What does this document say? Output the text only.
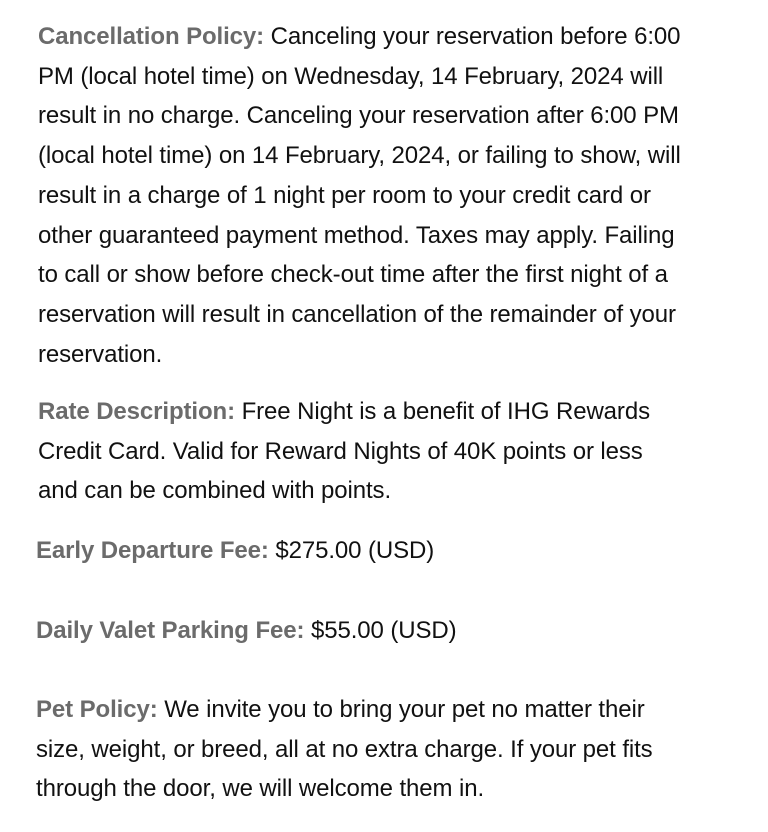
Cancellation Policy: Canceling your reservation before 6:00
PM (local hotel time) on Wednesday, 14 February, 2024 will
result in no charge. Canceling your reservation after 6:00 PM
(local hotel time) on 14 February, 2024, or failing to show, will
result in a charge of 1 night per room to your credit card or
other guaranteed payment method. Taxes may apply. Failing
to call or show before check-out time after the first night of a
reservation will result in cancellation of the remainder of your
reservation.

Rate Description: Free Night is a benefit of IHG Rewards
Credit Card. Valid for Reward Nights of 40K points or less
and can be combined with points.

Early Departure Fee: $275.00 (USD)

Daily Valet Parking Fee: $55.00 (USD)

Pet Policy: We invite you to bring your pet no matter their
size, weight, or breed, all at no extra charge. If your pet fits
through the door, we will welcome them in.
